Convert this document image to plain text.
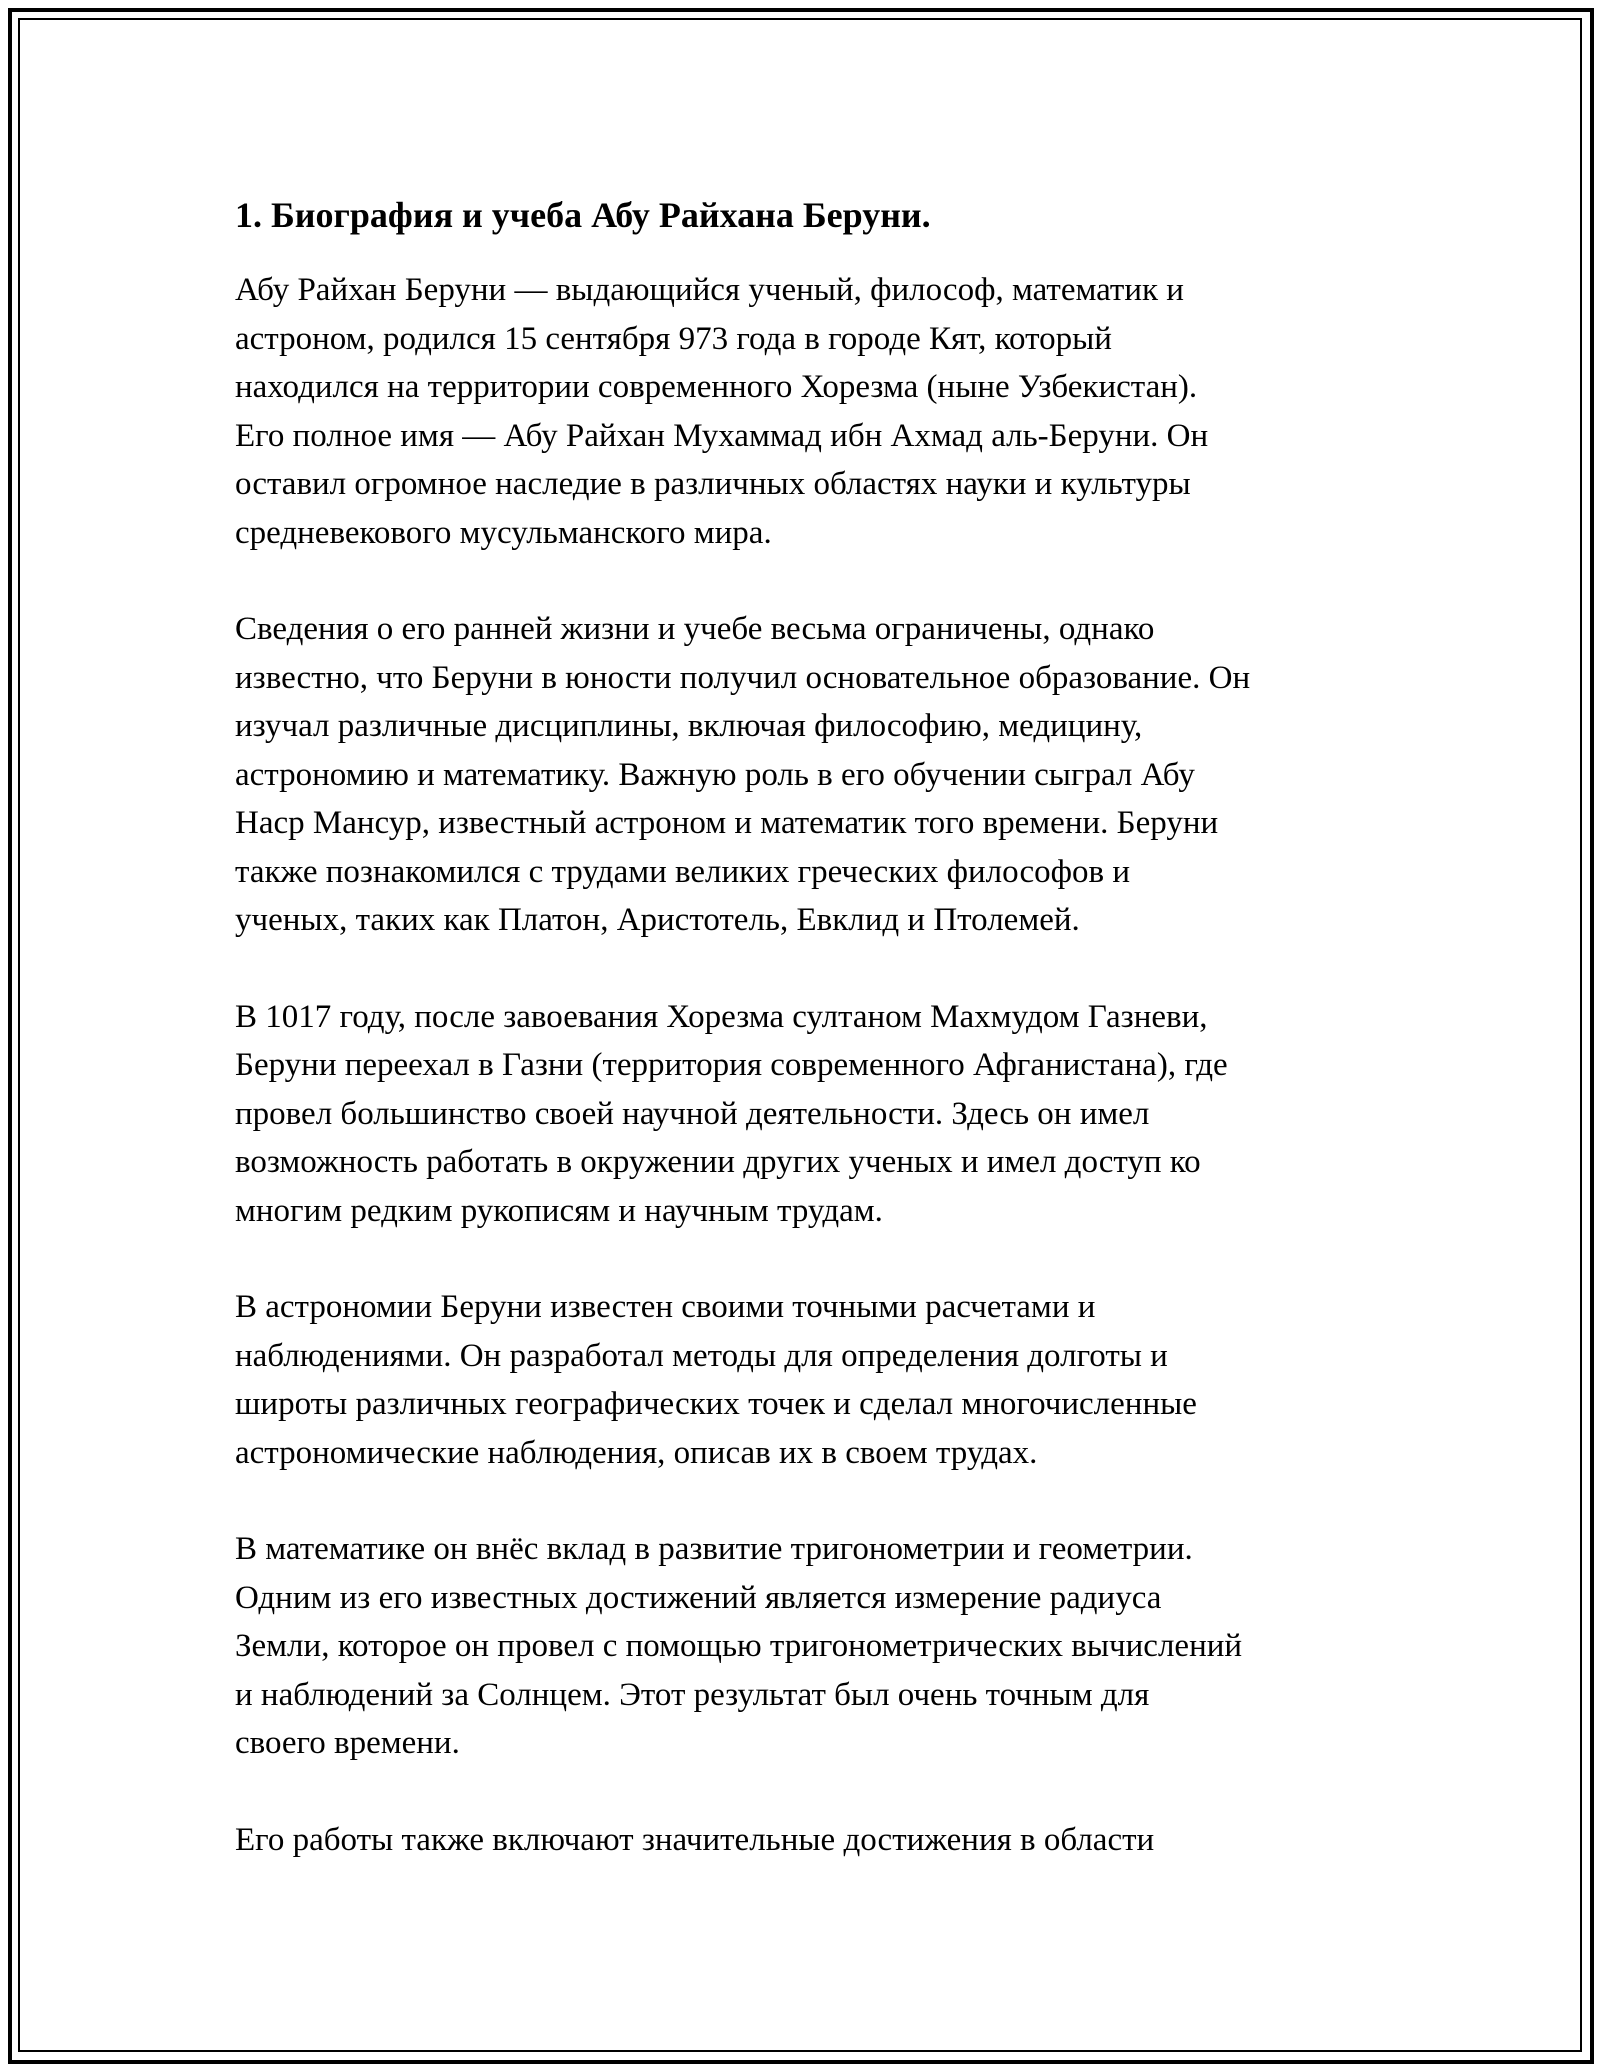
1. Биография и учеба Абу Райхана Беруни.

Абу Райхан Беруни — выдающийся ученый, философ, математик и
астроном, родился 15 сентября 973 года в городе Кят, который
находился на территории современного Хорезма (ныне Узбекистан).
Его полное имя — Абу Райхан Мухаммад ибн Ахмад аль-Беруни. Он
оставил огромное наследие в различных областях науки и культуры
средневекового мусульманского мира.

Сведения о его ранней жизни и учебе весьма ограничены, однако
известно, что Беруни в юности получил основательное образование. Он
изучал различные дисциплины, включая философию, медицину,
астрономию и математику. Важную роль в его обучении сыграл Абу
Наср Мансур, известный астроном и математик того времени. Беруни
также познакомился с трудами великих греческих философов и
ученых, таких как Платон, Аристотель, Евклид и Птолемей.

В 1017 году, после завоевания Хорезма султаном Махмудом Газневи,
Беруни переехал в Газни (территория современного Афганистана), где
провел большинство своей научной деятельности. Здесь он имел
возможность работать в окружении других ученых и имел доступ ко
многим редким рукописям и научным трудам.

В астрономии Беруни известен своими точными расчетами и
наблюдениями. Он разработал методы для определения долготы и
широты различных географических точек и сделал многочисленные
астрономические наблюдения, описав их в своем трудах.

В математике он внёс вклад в развитие тригонометрии и геометрии.
Одним из его известных достижений является измерение радиуса
Земли, которое он провел с помощью тригонометрических вычислений
и наблюдений за Солнцем. Этот результат был очень точным для
своего времени.

Его работы также включают значительные достижения в области
